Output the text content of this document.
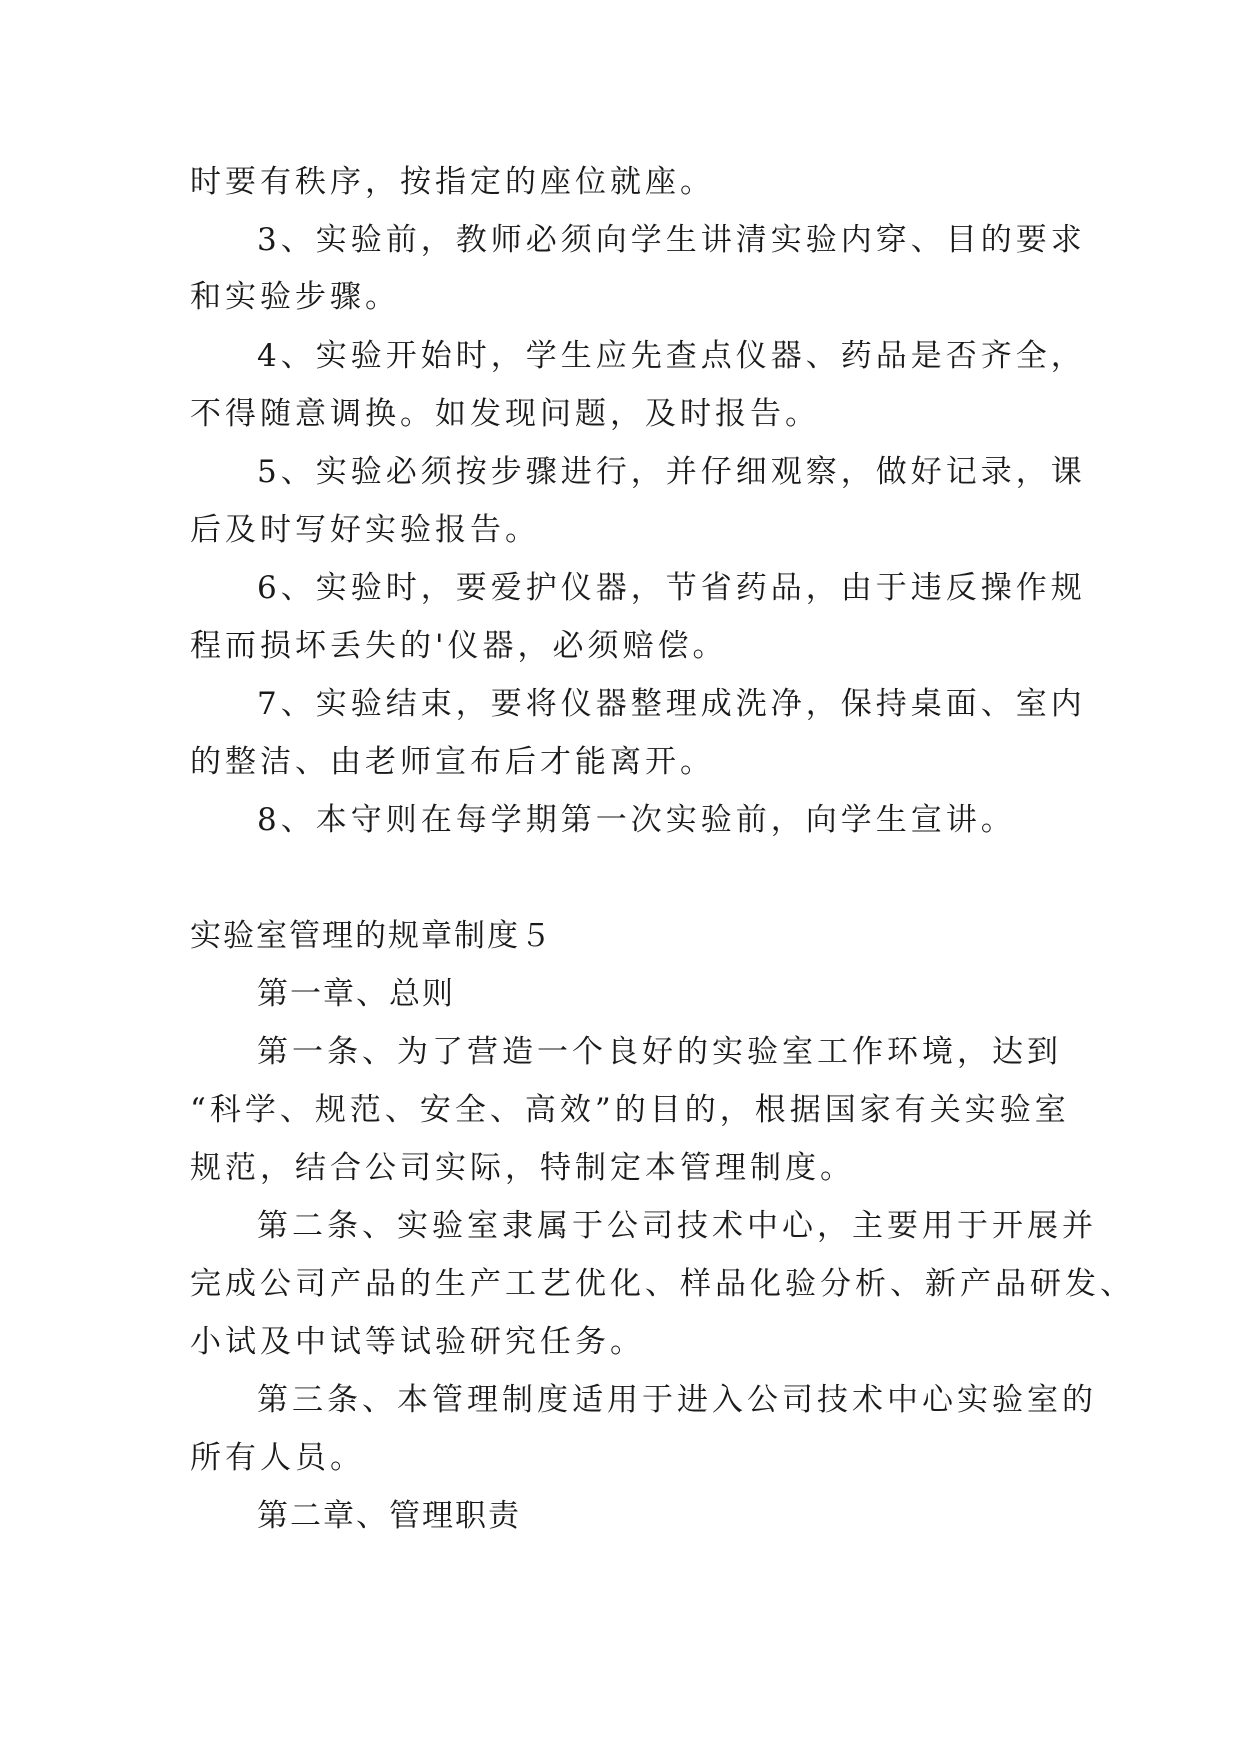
时要有秩序，按指定的座位就座。
3、实验前，教师必须向学生讲清实验内穿、目的要求
和实验步骤。
4、实验开始时，学生应先查点仪器、药品是否齐全，
不得随意调换。如发现问题，及时报告。
5、实验必须按步骤进行，并仔细观察，做好记录，课
后及时写好实验报告。
6、实验时，要爱护仪器，节省药品，由于违反操作规
程而损坏丢失的'仪器，必须赔偿。
7、实验结束，要将仪器整理成洗净，保持桌面、室内
的整洁、由老师宣布后才能离开。
8、本守则在每学期第一次实验前，向学生宣讲。
实验室管理的规章制度５
第一章、总则
第一条、为了营造一个良好的实验室工作环境，达到
“科学、规范、安全、高效”的目的，根据国家有关实验室
规范，结合公司实际，特制定本管理制度。
第二条、实验室隶属于公司技术中心，主要用于开展并
完成公司产品的生产工艺优化、样品化验分析、新产品研发、
小试及中试等试验研究任务。
第三条、本管理制度适用于进入公司技术中心实验室的
所有人员。
第二章、管理职责
